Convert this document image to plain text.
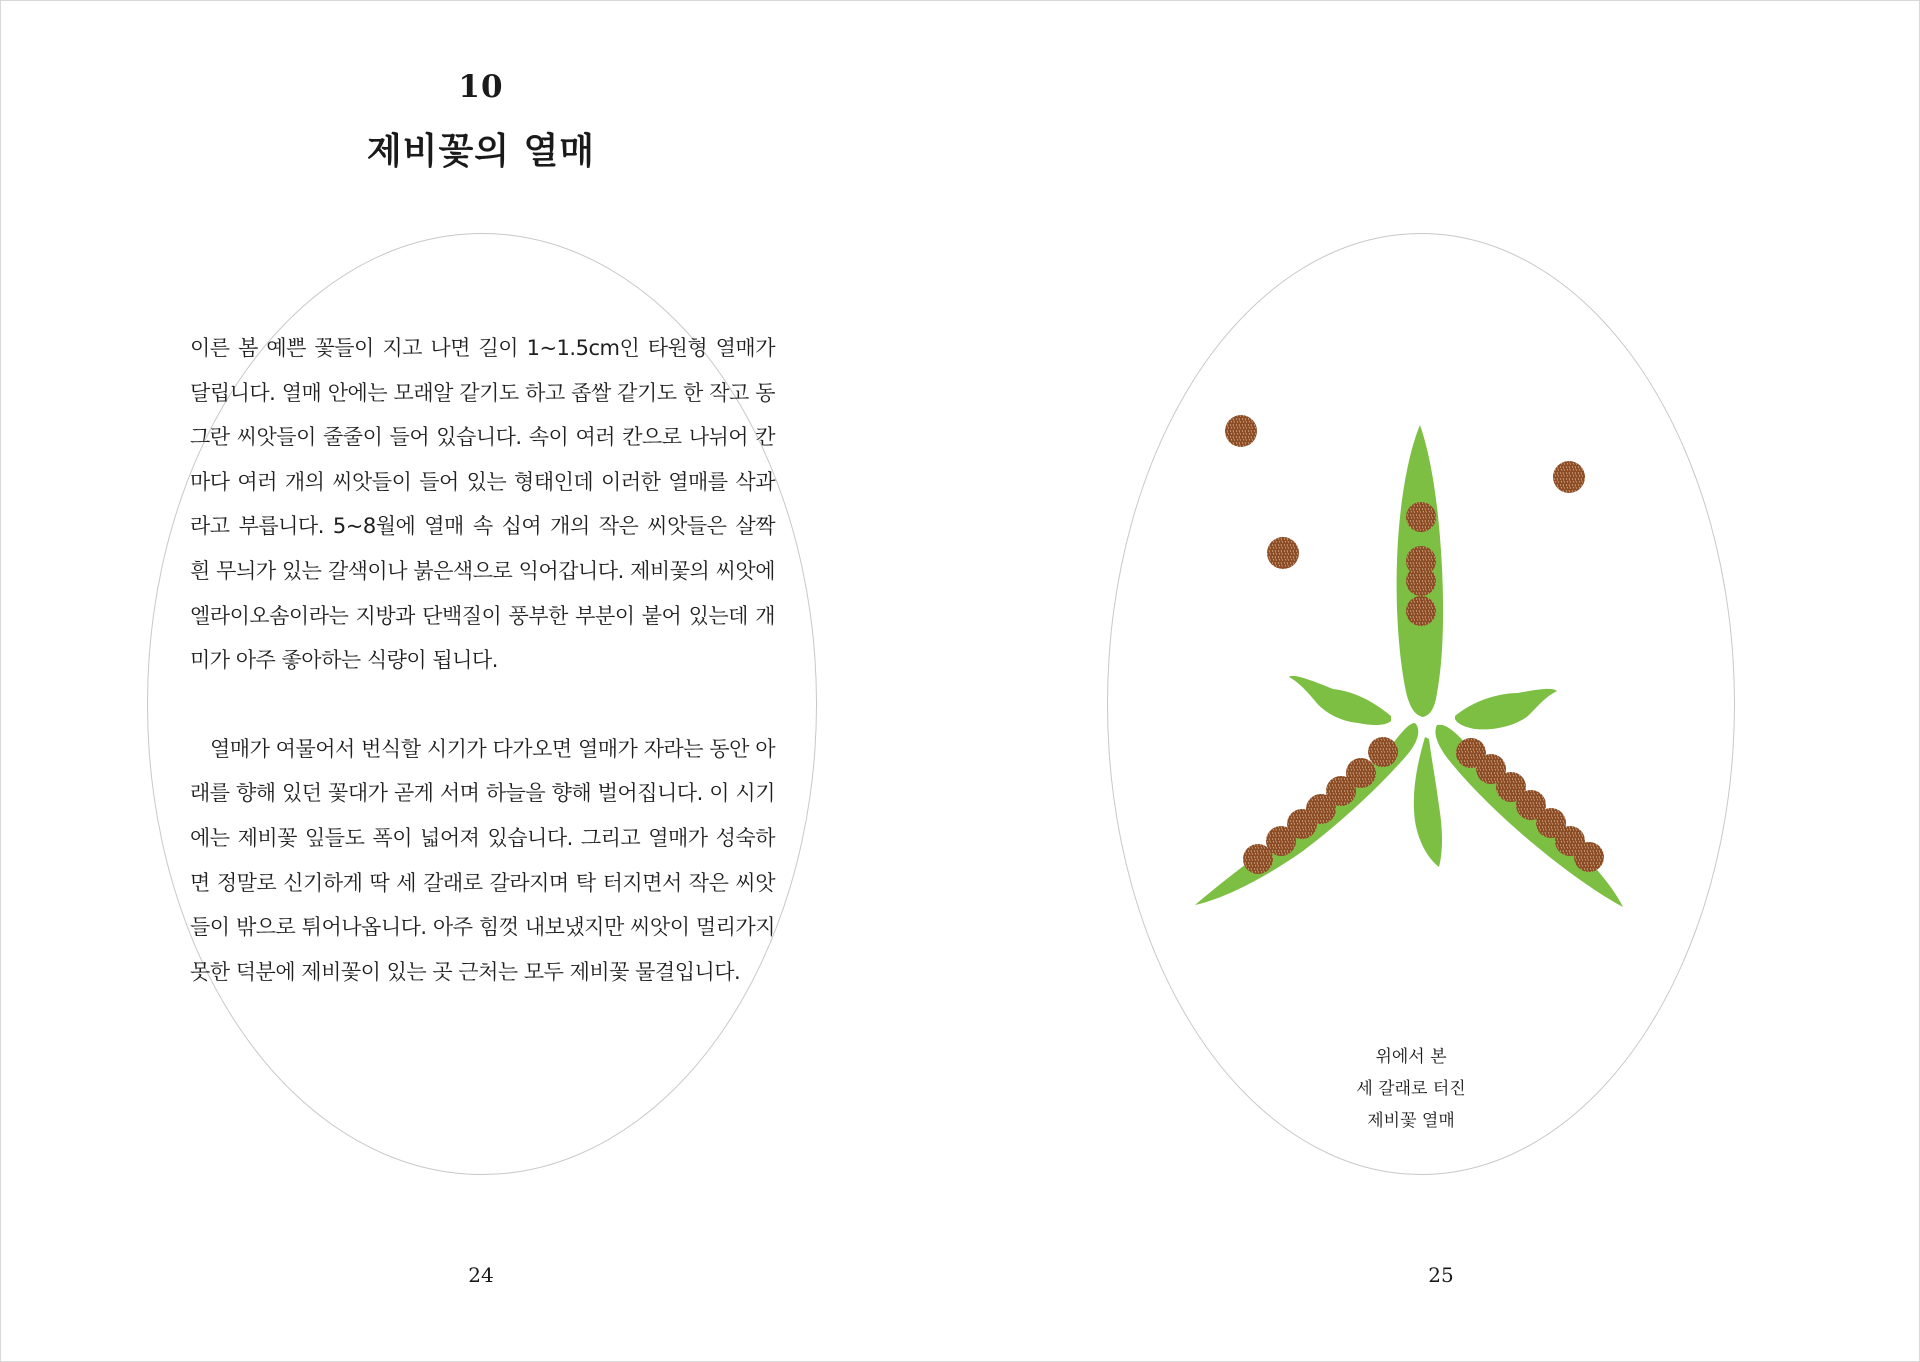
10
제비꽃의 열매

이른 봄 예쁜 꽃들이 지고 나면 길이 1~1.5cm인 타원형 열매가 달립니다. 열매 안에는 모래알 같기도 하고 좁쌀 같기도 한 작고 동그란 씨앗들이 줄줄이 들어 있습니다. 속이 여러 칸으로 나뉘어 칸마다 여러 개의 씨앗들이 들어 있는 형태인데 이러한 열매를 삭과라고 부릅니다. 5~8월에 열매 속 십여 개의 작은 씨앗들은 살짝 흰 무늬가 있는 갈색이나 붉은색으로 익어갑니다. 제비꽃의 씨앗에 엘라이오솜이라는 지방과 단백질이 풍부한 부분이 붙어 있는데 개미가 아주 좋아하는 식량이 됩니다.

열매가 여물어서 번식할 시기가 다가오면 열매가 자라는 동안 아래를 향해 있던 꽃대가 곧게 서며 하늘을 향해 벌어집니다. 이 시기에는 제비꽃 잎들도 폭이 넓어져 있습니다. 그리고 열매가 성숙하면 정말로 신기하게 딱 세 갈래로 갈라지며 탁 터지면서 작은 씨앗들이 밖으로 튀어나옵니다. 아주 힘껏 내보냈지만 씨앗이 멀리가지 못한 덕분에 제비꽃이 있는 곳 근처는 모두 제비꽃 물결입니다.

24
위에서 본
세 갈래로 터진
제비꽃 열매
25
